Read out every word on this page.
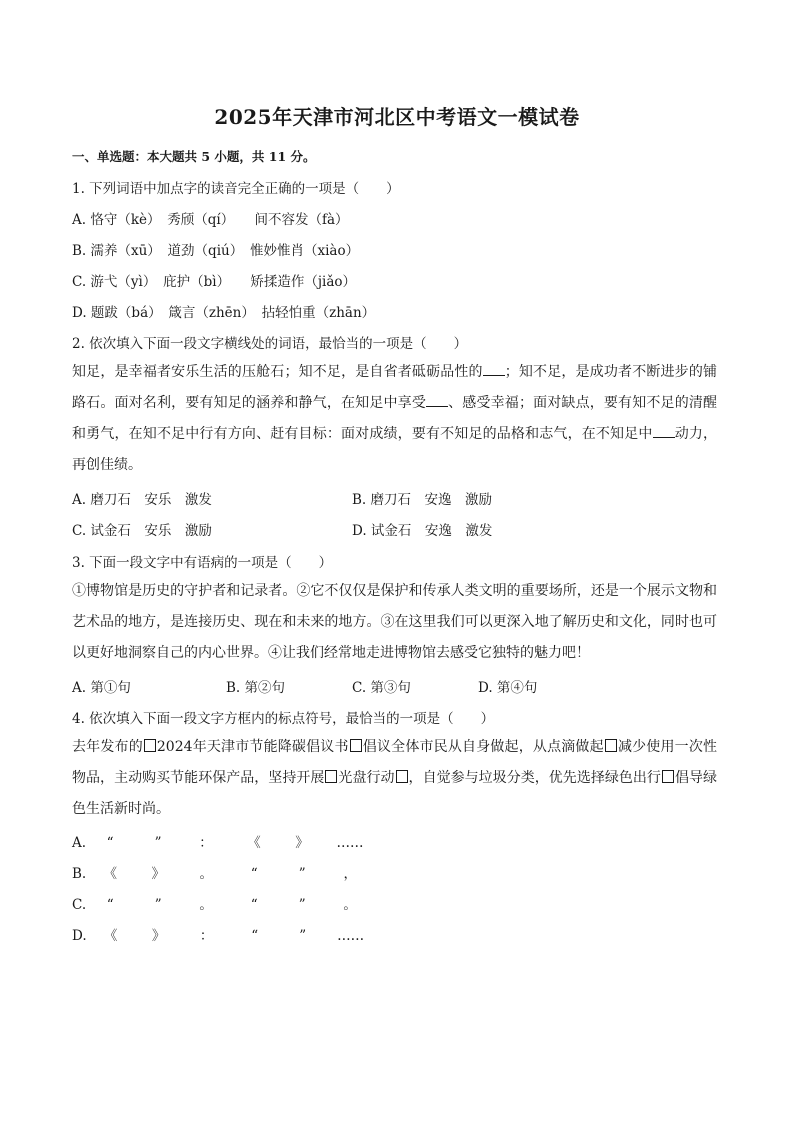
2025年天津市河北区中考语文一模试卷
一、单选题：本大题共 5 小题，共 11 分。
1. 下列词语中加点字的读音完全正确的一项是（　　）
A. 恪守（kè）　秀颀（qí）　　间不容发（fà）
B. 濡养（xū）　道劲（qiú）　惟妙惟肖（xiào）
C. 游弋（yì）　庇护（bì）　　矫揉造作（jiǎo）
D. 题跋（bá）　箴言（zhēn）　拈轻怕重（zhān）
2. 依次填入下面一段文字横线处的词语，最恰当的一项是（　　）
知足，是幸福者安乐生活的压舱石；知不足，是自省者砥砺品性的 ；知不足，是成功者不断进步的铺路石。面对名利，要有知足的涵养和静气，在知足中享受 、感受幸福；面对缺点，要有知不足的清醒和勇气，在知不足中行有方向、赶有目标：面对成绩，要有不知足的品格和志气，在不知足中 动力，再创佳绩。
A. 磨刀石　安乐　激发	B. 磨刀石　安逸　激励
C. 试金石　安乐　激励	D. 试金石　安逸　激发
3. 下面一段文字中有语病的一项是（　　）
①博物馆是历史的守护者和记录者。②它不仅仅是保护和传承人类文明的重要场所，还是一个展示文物和艺术品的地方，是连接历史、现在和未来的地方。③在这里我们可以更深入地了解历史和文化，同时也可以更好地洞察自己的内心世界。④让我们经常地走进博物馆去感受它独特的魅力吧！
A. 第①句	B. 第②句	C. 第③句	D. 第④句
4. 依次填入下面一段文字方框内的标点符号，最恰当的一项是（　　）
去年发布的 2024年天津市节能降碳倡议书 倡议全体市民从自身做起，从点滴做起 减少使用一次性物品，主动购买节能环保产品，坚持开展 光盘行动 ，自觉参与垃圾分类，优先选择绿色出行 倡导绿色生活新时尚。
A. “	”	：	《	》 ……
B. 《	》	。	“	”	，
C. “	”	。	“	”	。
D. 《	》	：	“	” ……
